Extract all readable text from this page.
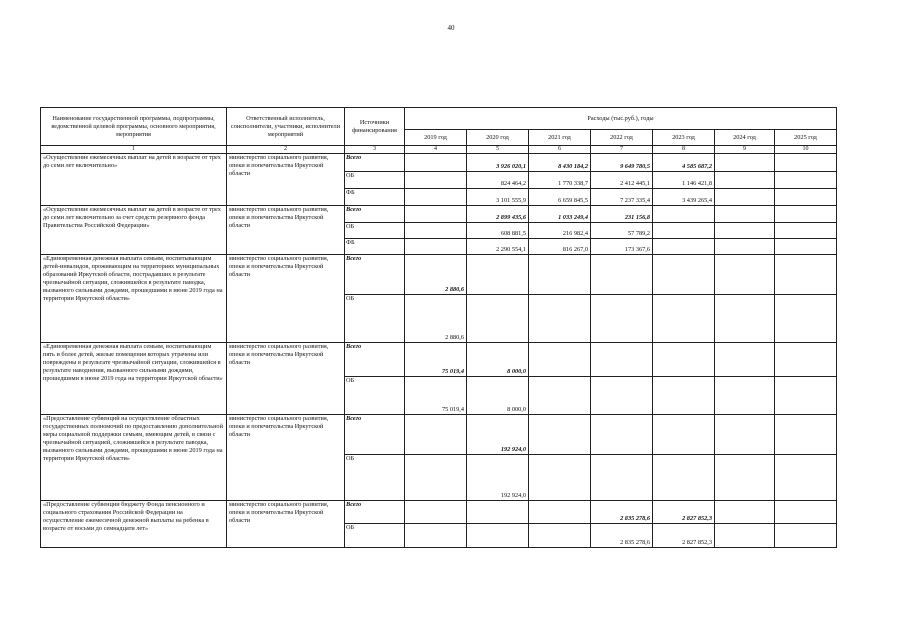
40
Наименование государственной программы, подпрограммы, ведомственной целевой программы, основного мероприятия, мероприятия	Ответственный исполнитель, соисполнители, участники, исполнители мероприятий	Источники финансирования	Расходы (тыс.руб.), годы						
			2019 год	2020 год	2021 год	2022 год	2023 год	2024 год	2025 год
1	2	3	4	5	6	7	8	9	10
«Осуществление ежемесячных выплат на детей в возрасте от трех до семи лет включительно»	министерство социального развития, опеки и попечительства Иркутской области	Всего		3 926 020,1	8 430 184,2	9 649 780,5	4 585 687,2		
		ОБ		824 464,2	1 770 338,7	2 412 445,1	1 146 421,8		
		ФБ		3 101 555,9	6 659 845,5	7 237 335,4	3 439 265,4		
«Осуществление ежемесячных выплат на детей в возрасте от трех до семи лет включительно за счет средств резервного фонда Правительства Российской Федерации»	министерство социального развития, опеки и попечительства Иркутской области	Всего		2 899 435,6	1 033 249,4	231 156,8			
		ОБ		608 881,5	216 982,4	57 789,2			
		ФБ		2 290 554,1	816 267,0	173 367,6			
«Единовременная денежная выплата семьям, воспитывающим детей-инвалидов, проживающим на территориях муниципальных образований Иркутской области, пострадавших в результате чрезвычайной ситуации, сложившейся в результате паводка, вызванного сильными дождями, прошедшими в июне 2019 года на территории Иркутской области»	министерство социального развития, опеки и попечительства Иркутской области	Всего	2 880,6						
		ОБ	2 880,6						
«Единовременная денежная выплата семьям, воспитывающим пять и более детей, жилые помещения которых утрачены или повреждены в результате чрезвычайной ситуации, сложившейся в результате наводнения, вызванного сильными дождями, прошедшими в июне 2019 года на территории Иркутской области»	министерство социального развития, опеки и попечительства Иркутской области	Всего	75 019,4	8 000,0					
		ОБ	75 019,4	8 000,0					
«Предоставление субвенций на осуществление областных государственных полномочий по предоставлению дополнительной меры социальной поддержки семьям, имеющим детей, в связи с чрезвычайной ситуацией, сложившейся в результате паводка, вызванного сильными дождями, прошедшими в июне 2019 года на территории Иркутской области»	министерство социального развития, опеки и попечительства Иркутской области	Всего		192 924,0					
		ОБ		192 924,0					
«Предоставление субвенции бюджету Фонда пенсионного и социального страхования Российской Федерации на осуществление ежемесячной денежной выплаты на ребенка в возрасте от восьми до семнадцати лет»	министерство социального развития, опеки и попечительства Иркутской области	Всего				2 835 278,6	2 827 852,3		
		ОБ				2 835 278,6	2 827 852,3		
